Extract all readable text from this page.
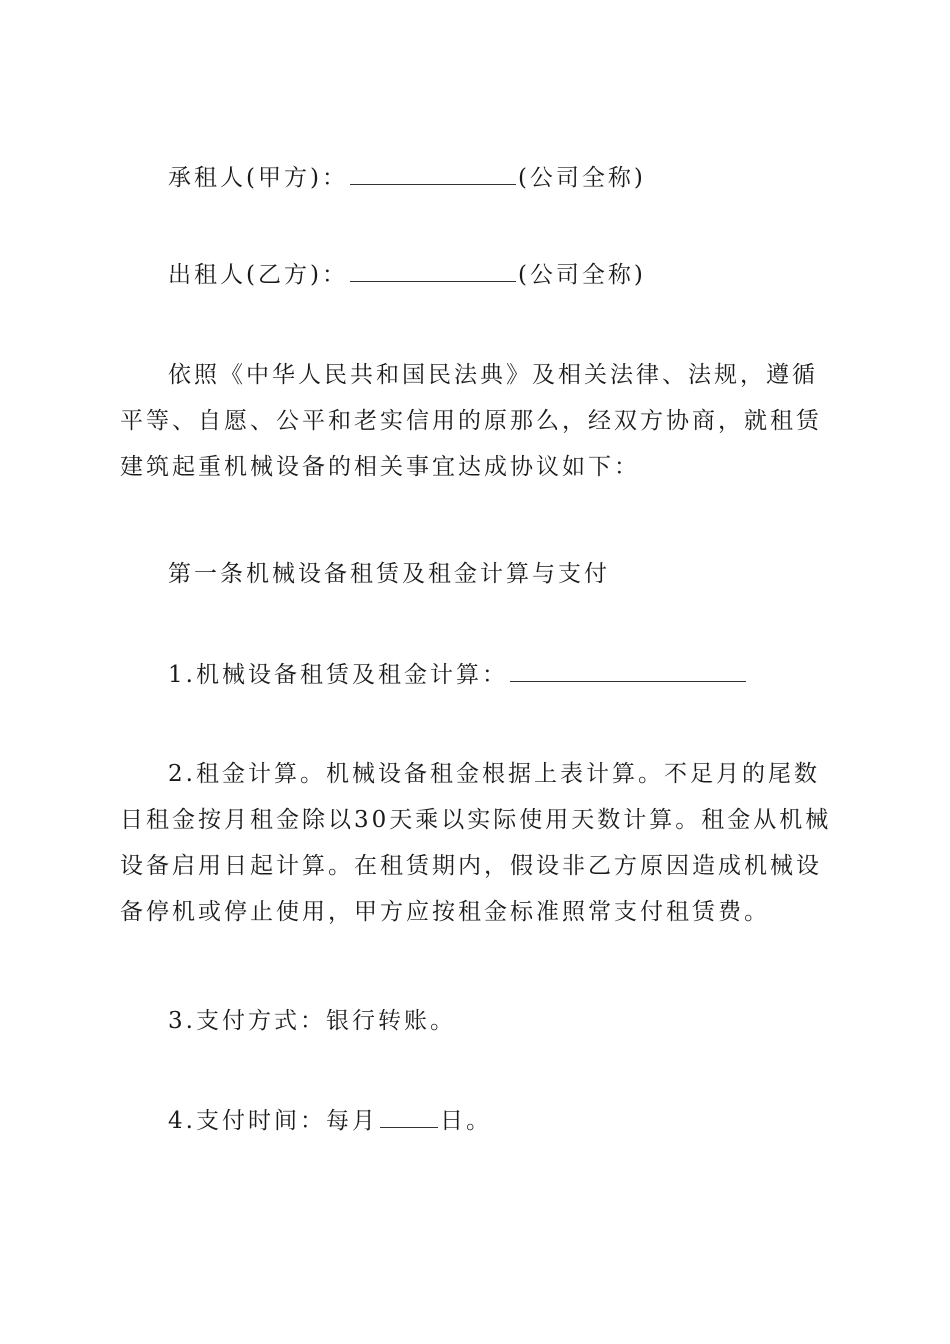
承租人(甲方)：	(公司全称)

出租人(乙方)：	(公司全称)

依照《中华人民共和国民法典》及相关法律、法规，遵循平等、自愿、公平和老实信用的原那么，经双方协商，就租赁建筑起重机械设备的相关事宜达成协议如下：

第一条机械设备租赁及租金计算与支付

1.机械设备租赁及租金计算：

2.租金计算。机械设备租金根据上表计算。不足月的尾数日租金按月租金除以30天乘以实际使用天数计算。租金从机械设备启用日起计算。在租赁期内，假设非乙方原因造成机械设备停机或停止使用，甲方应按租金标准照常支付租赁费。

3.支付方式：银行转账。

4.支付时间：每月	日。
